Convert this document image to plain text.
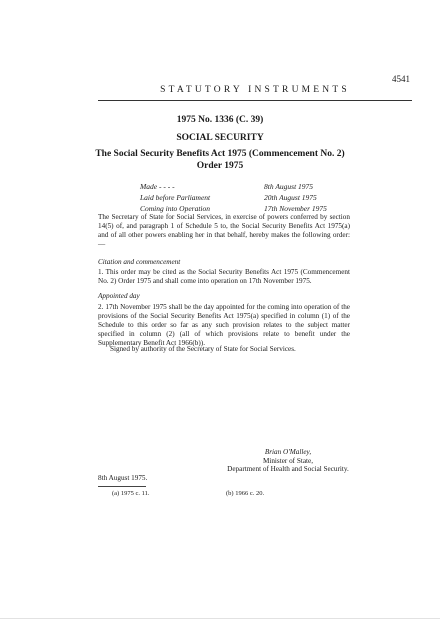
4541
STATUTORY INSTRUMENTS
1975 No. 1336 (C. 39)
SOCIAL SECURITY
The Social Security Benefits Act 1975 (Commencement No. 2)
Order 1975
Made - - - -	8th August 1975
Laid before Parliament	20th August 1975
Coming into Operation	17th November 1975
The Secretary of State for Social Services, in exercise of powers conferred by section 14(5) of, and paragraph 1 of Schedule 5 to, the Social Security Benefits Act 1975(a) and of all other powers enabling her in that behalf, hereby makes the following order:—
Citation and commencement
1. This order may be cited as the Social Security Benefits Act 1975 (Commencement No. 2) Order 1975 and shall come into operation on 17th November 1975.
Appointed day
2. 17th November 1975 shall be the day appointed for the coming into operation of the provisions of the Social Security Benefits Act 1975(a) specified in column (1) of the Schedule to this order so far as any such provision relates to the subject matter specified in column (2) (all of which provisions relate to benefit under the Supplementary Benefit Act 1966(b)).
Signed by authority of the Secretary of State for Social Services.
Brian O'Malley,
Minister of State,
Department of Health and Social Security.
8th August 1975.
(a) 1975 c. 11.	(b) 1966 c. 20.
